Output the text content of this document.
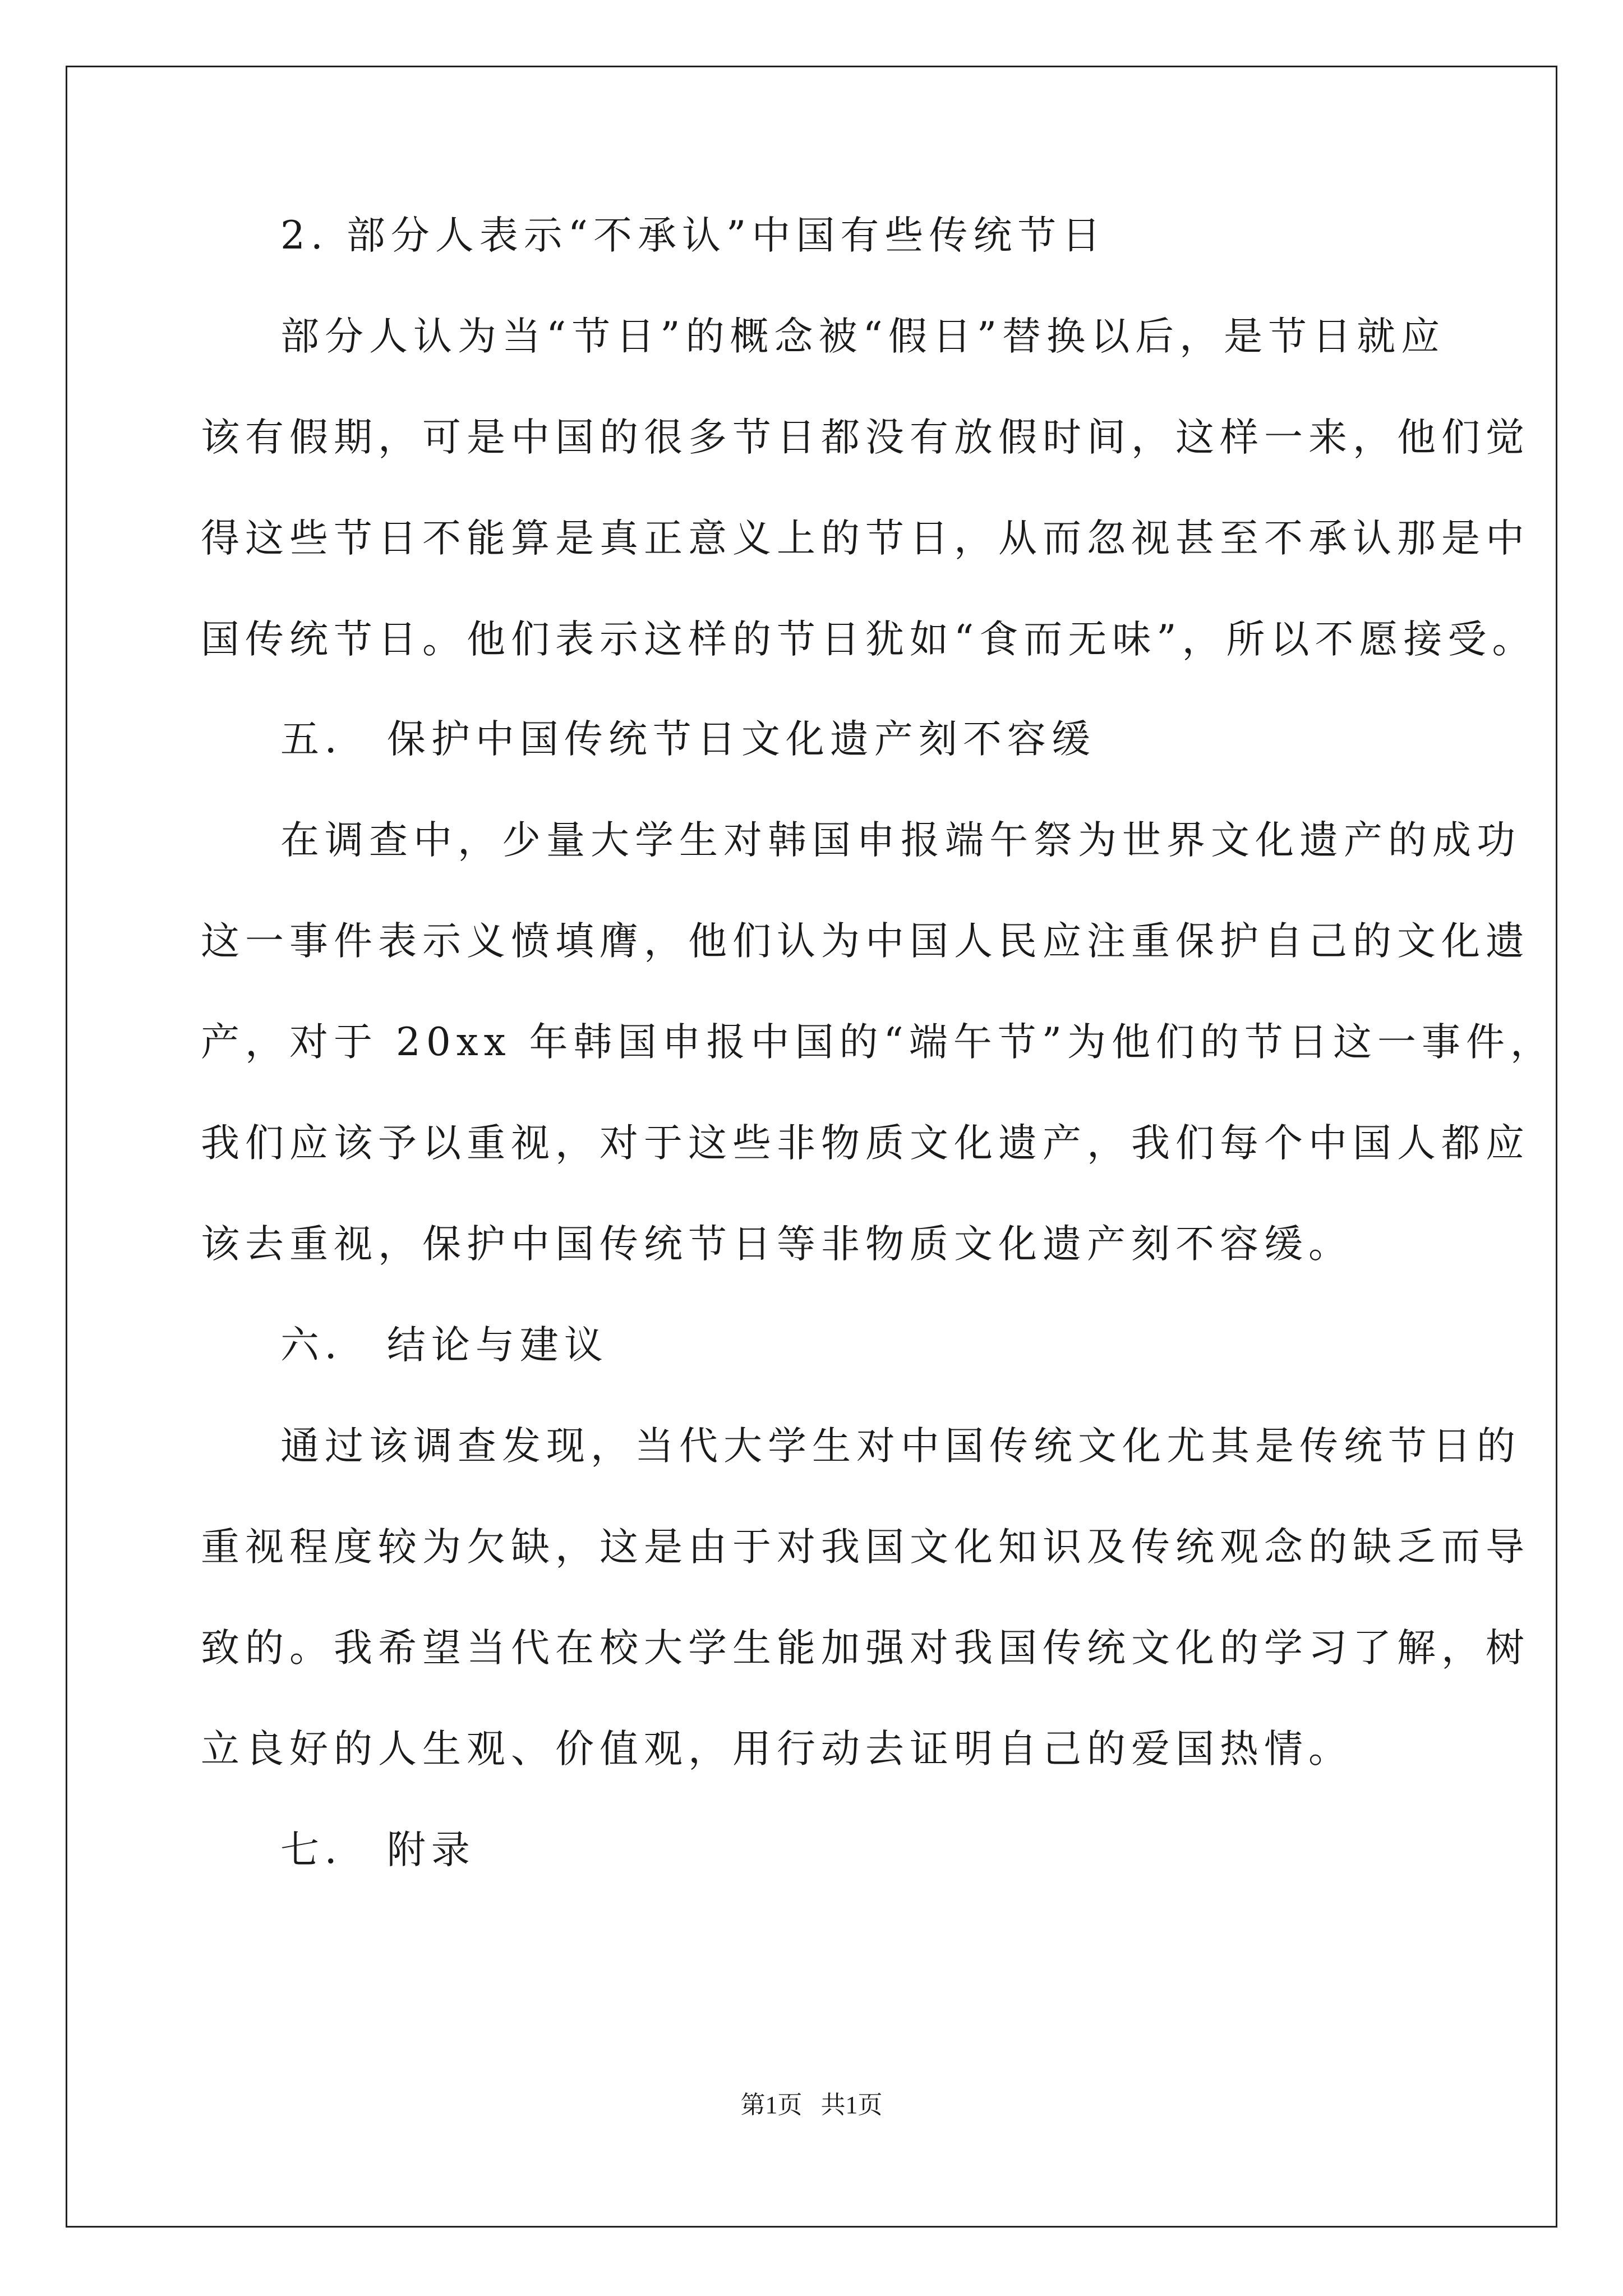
2. 部分人表示“不承认”中国有些传统节日
部分人认为当“节日”的概念被“假日”替换以后，是节日就应
该有假期，可是中国的很多节日都没有放假时间，这样一来，他们觉
得这些节日不能算是真正意义上的节日，从而忽视甚至不承认那是中
国传统节日。他们表示这样的节日犹如“食而无味”，所以不愿接受。
五． 保护中国传统节日文化遗产刻不容缓
在调查中，少量大学生对韩国申报端午祭为世界文化遗产的成功
这一事件表示义愤填膺，他们认为中国人民应注重保护自己的文化遗
产，对于 20xx 年韩国申报中国的“端午节”为他们的节日这一事件，
我们应该予以重视，对于这些非物质文化遗产，我们每个中国人都应
该去重视，保护中国传统节日等非物质文化遗产刻不容缓。
六． 结论与建议
通过该调查发现，当代大学生对中国传统文化尤其是传统节日的
重视程度较为欠缺，这是由于对我国文化知识及传统观念的缺乏而导
致的。我希望当代在校大学生能加强对我国传统文化的学习了解，树
立良好的人生观、价值观，用行动去证明自己的爱国热情。
七． 附录
第1页   共1页
